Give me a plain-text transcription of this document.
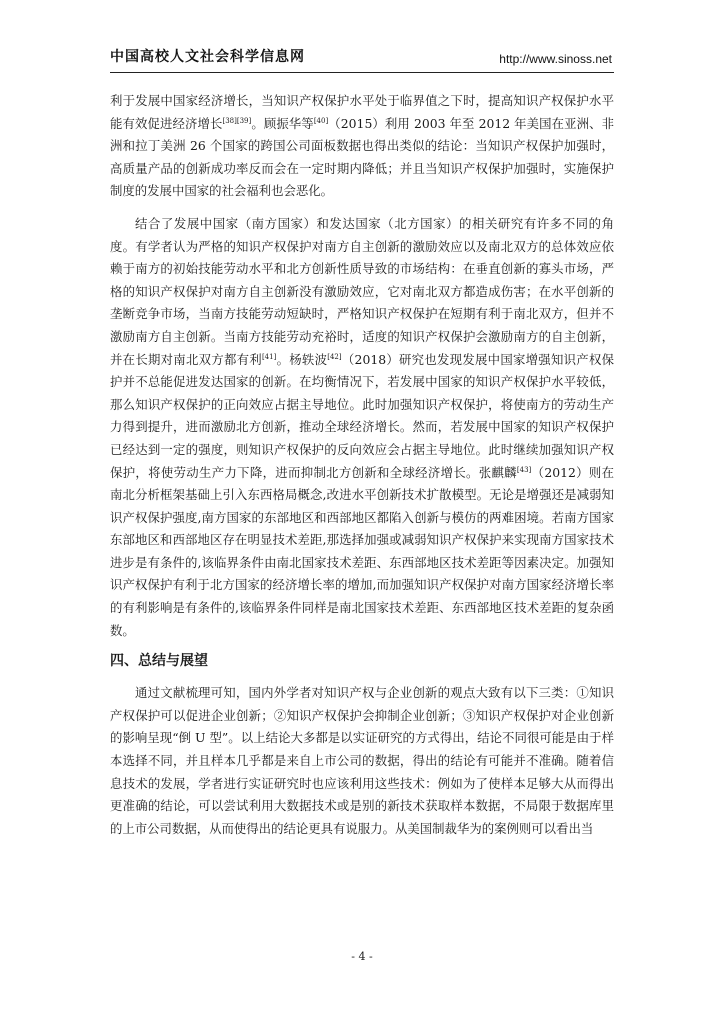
中国高校人文社会科学信息网	http://www.sinoss.net

利于发展中国家经济增长，当知识产权保护水平处于临界值之下时，提高知识产权保护水平能有效促进经济增长[38][39]。顾振华等[40]（2015）利用 2003 年至 2012 年美国在亚洲、非洲和拉丁美洲 26 个国家的跨国公司面板数据也得出类似的结论：当知识产权保护加强时，高质量产品的创新成功率反而会在一定时期内降低；并且当知识产权保护加强时，实施保护制度的发展中国家的社会福利也会恶化。

结合了发展中国家（南方国家）和发达国家（北方国家）的相关研究有许多不同的角度。有学者认为严格的知识产权保护对南方自主创新的激励效应以及南北双方的总体效应依赖于南方的初始技能劳动水平和北方创新性质导致的市场结构：在垂直创新的寡头市场，严格的知识产权保护对南方自主创新没有激励效应，它对南北双方都造成伤害；在水平创新的垄断竞争市场，当南方技能劳动短缺时，严格知识产权保护在短期有利于南北双方，但并不激励南方自主创新。当南方技能劳动充裕时，适度的知识产权保护会激励南方的自主创新，并在长期对南北双方都有利[41]。杨轶波[42]（2018）研究也发现发展中国家增强知识产权保护并不总能促进发达国家的创新。在均衡情况下，若发展中国家的知识产权保护水平较低，那么知识产权保护的正向效应占据主导地位。此时加强知识产权保护，将使南方的劳动生产力得到提升，进而激励北方创新，推动全球经济增长。然而，若发展中国家的知识产权保护已经达到一定的强度，则知识产权保护的反向效应会占据主导地位。此时继续加强知识产权保护，将使劳动生产力下降，进而抑制北方创新和全球经济增长。张麒麟[43]（2012）则在南北分析框架基础上引入东西格局概念,改进水平创新技术扩散模型。无论是增强还是减弱知识产权保护强度,南方国家的东部地区和西部地区都陷入创新与模仿的两难困境。若南方国家东部地区和西部地区存在明显技术差距,那选择加强或减弱知识产权保护来实现南方国家技术进步是有条件的,该临界条件由南北国家技术差距、东西部地区技术差距等因素决定。加强知识产权保护有利于北方国家的经济增长率的增加,而加强知识产权保护对南方国家经济增长率的有利影响是有条件的,该临界条件同样是南北国家技术差距、东西部地区技术差距的复杂函数。

四、总结与展望

通过文献梳理可知，国内外学者对知识产权与企业创新的观点大致有以下三类：①知识产权保护可以促进企业创新；②知识产权保护会抑制企业创新；③知识产权保护对企业创新的影响呈现“倒 U 型”。以上结论大多都是以实证研究的方式得出，结论不同很可能是由于样本选择不同，并且样本几乎都是来自上市公司的数据，得出的结论有可能并不准确。随着信息技术的发展，学者进行实证研究时也应该利用这些技术：例如为了使样本足够大从而得出更准确的结论，可以尝试利用大数据技术或是别的新技术获取样本数据，不局限于数据库里的上市公司数据，从而使得出的结论更具有说服力。从美国制裁华为的案例则可以看出当

- 4 -
